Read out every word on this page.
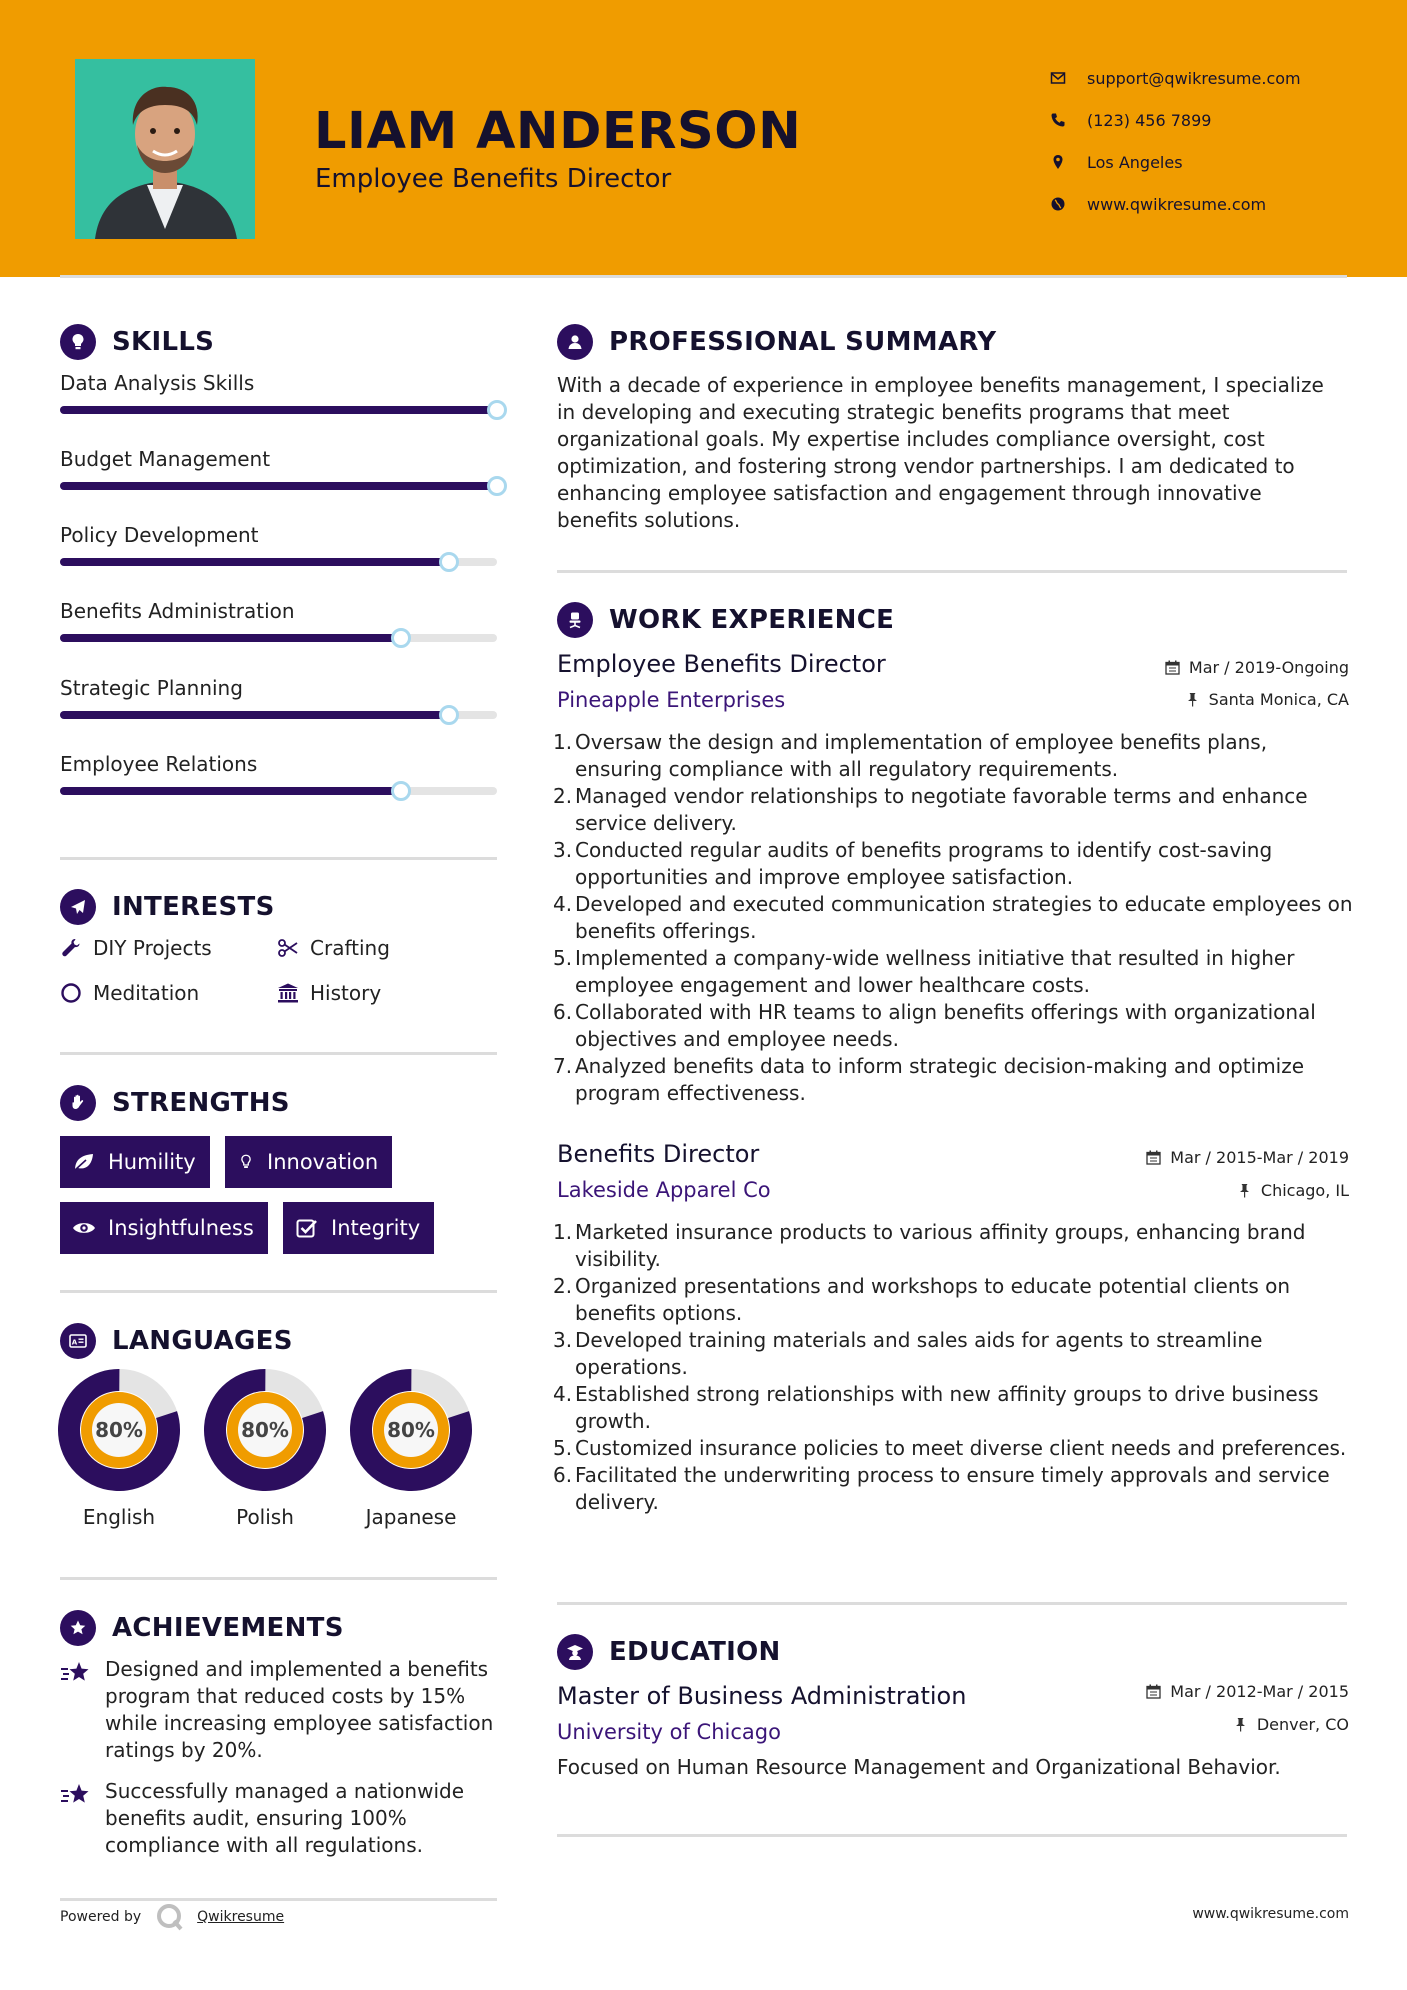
LIAM ANDERSON
Employee Benefits Director
support@qwikresume.com
(123) 456 7899
Los Angeles
www.qwikresume.com
SKILLS
Data Analysis Skills
Budget Management
Policy Development
Benefits Administration
Strategic Planning
Employee Relations
INTERESTS
DIY Projects	Crafting
Meditation	History
STRENGTHS
Humility	Innovation
Insightfulness	Integrity
A LANGUAGES
80%
English
80%
Polish
80%
Japanese
ACHIEVEMENTS
Designed and implemented a benefits program that reduced costs by 15% while increasing employee satisfaction ratings by 20%.
Successfully managed a nationwide benefits audit, ensuring 100% compliance with all regulations.
Powered by	Qwikresume	www.qwikresume.com
PROFESSIONAL SUMMARY
With a decade of experience in employee benefits management, I specialize in developing and executing strategic benefits programs that meet organizational goals. My expertise includes compliance oversight, cost optimization, and fostering strong vendor partnerships. I am dedicated to enhancing employee satisfaction and engagement through innovative benefits solutions.
WORK EXPERIENCE
Employee Benefits Director
Pineapple Enterprises
Mar / 2019-Ongoing
Santa Monica, CA
1. Oversaw the design and implementation of employee benefits plans, ensuring compliance with all regulatory requirements.
2. Managed vendor relationships to negotiate favorable terms and enhance service delivery.
3. Conducted regular audits of benefits programs to identify cost-saving opportunities and improve employee satisfaction.
4. Developed and executed communication strategies to educate employees on benefits offerings.
5. Implemented a company-wide wellness initiative that resulted in higher employee engagement and lower healthcare costs.
6. Collaborated with HR teams to align benefits offerings with organizational objectives and employee needs.
7. Analyzed benefits data to inform strategic decision-making and optimize program effectiveness.
Benefits Director
Lakeside Apparel Co
Mar / 2015-Mar / 2019
Chicago, IL
1. Marketed insurance products to various affinity groups, enhancing brand visibility.
2. Organized presentations and workshops to educate potential clients on benefits options.
3. Developed training materials and sales aids for agents to streamline operations.
4. Established strong relationships with new affinity groups to drive business growth.
5. Customized insurance policies to meet diverse client needs and preferences.
6. Facilitated the underwriting process to ensure timely approvals and service delivery.
EDUCATION
Master of Business Administration
University of Chicago
Mar / 2012-Mar / 2015
Denver, CO
Focused on Human Resource Management and Organizational Behavior.
